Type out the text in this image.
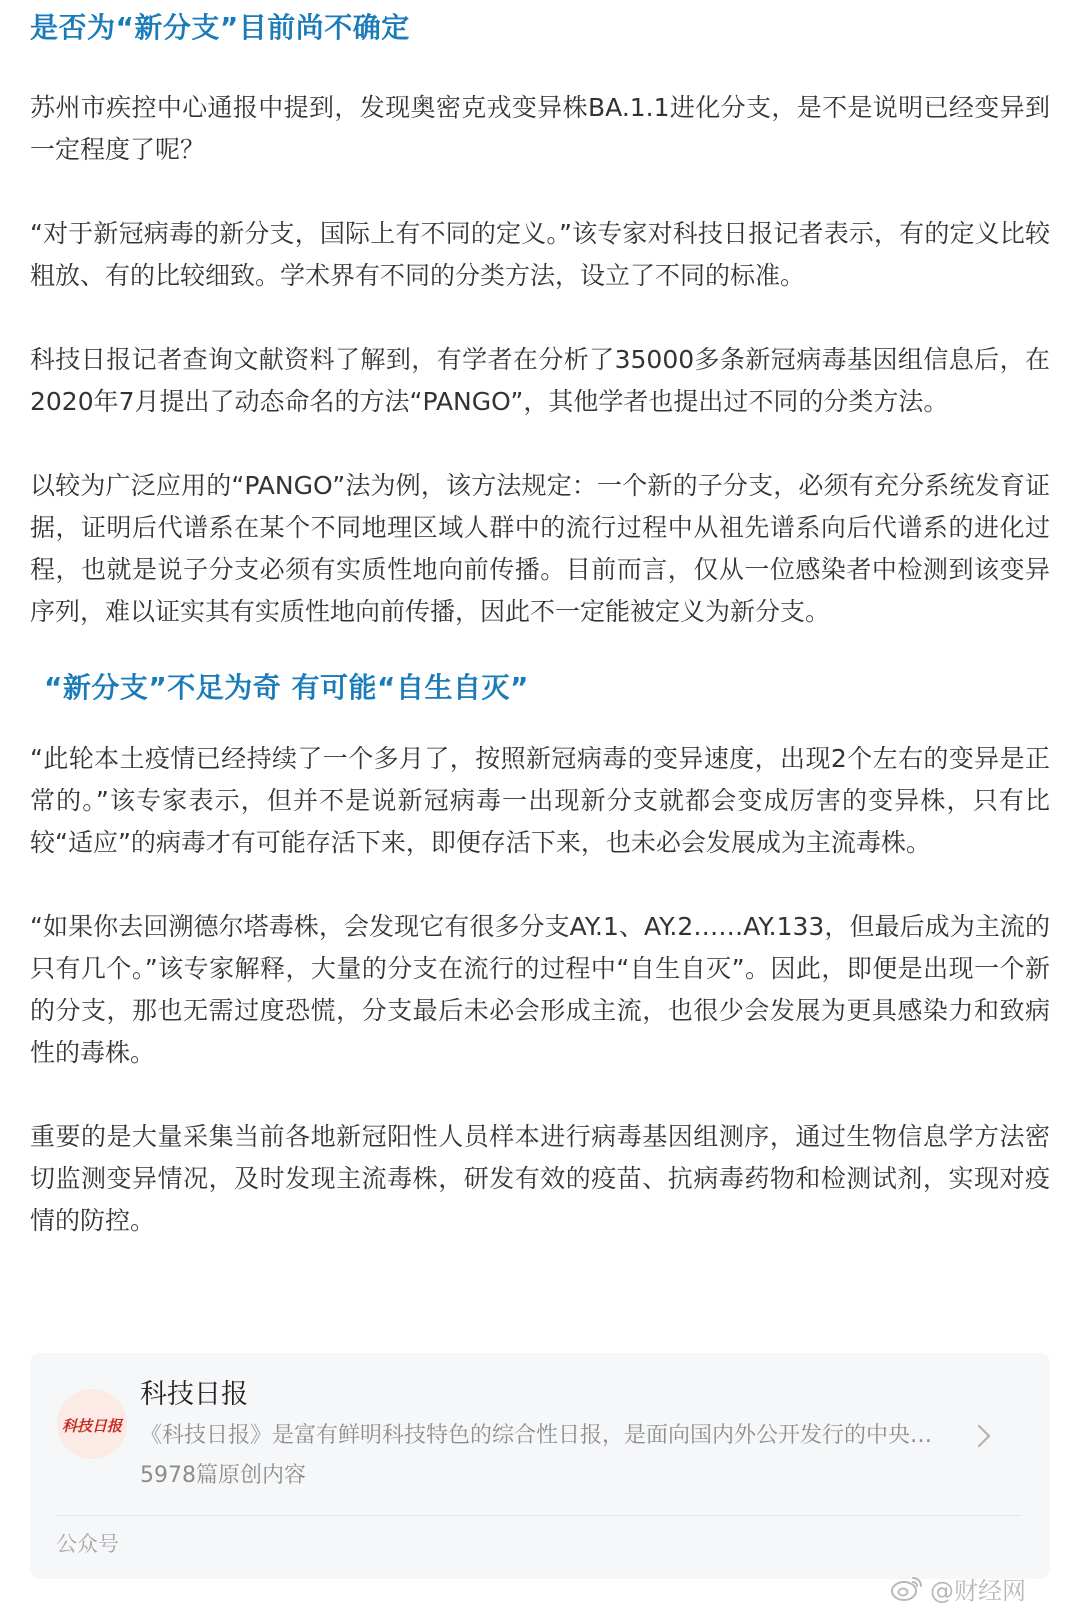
是否为“新分支”目前尚不确定

苏州市疾控中心通报中提到，发现奥密克戎变异株BA.1.1进化分支，是不是说明已经变异到一定程度了呢？

“对于新冠病毒的新分支，国际上有不同的定义。”该专家对科技日报记者表示，有的定义比较粗放、有的比较细致。学术界有不同的分类方法，设立了不同的标准。

科技日报记者查询文献资料了解到，有学者在分析了35000多条新冠病毒基因组信息后，在2020年7月提出了动态命名的方法“PANGO”，其他学者也提出过不同的分类方法。

以较为广泛应用的“PANGO”法为例，该方法规定：一个新的子分支，必须有充分系统发育证据，证明后代谱系在某个不同地理区域人群中的流行过程中从祖先谱系向后代谱系的进化过程，也就是说子分支必须有实质性地向前传播。目前而言，仅从一位感染者中检测到该变异序列，难以证实其有实质性地向前传播，因此不一定能被定义为新分支。

“新分支”不足为奇 有可能“自生自灭”

“此轮本土疫情已经持续了一个多月了，按照新冠病毒的变异速度，出现2个左右的变异是正常的。”该专家表示，但并不是说新冠病毒一出现新分支就都会变成厉害的变异株，只有比较“适应”的病毒才有可能存活下来，即便存活下来，也未必会发展成为主流毒株。

“如果你去回溯德尔塔毒株，会发现它有很多分支AY.1、AY.2……AY.133，但最后成为主流的只有几个。”该专家解释，大量的分支在流行的过程中“自生自灭”。因此，即便是出现一个新的分支，那也无需过度恐慌，分支最后未必会形成主流，也很少会发展为更具感染力和致病性的毒株。

重要的是大量采集当前各地新冠阳性人员样本进行病毒基因组测序，通过生物信息学方法密切监测变异情况，及时发现主流毒株，研发有效的疫苗、抗病毒药物和检测试剂，实现对疫情的防控。

科技日报
科技日报
《科技日报》是富有鲜明科技特色的综合性日报，是面向国内外公开发行的中央…
5978篇原创内容
公众号
@财经网
